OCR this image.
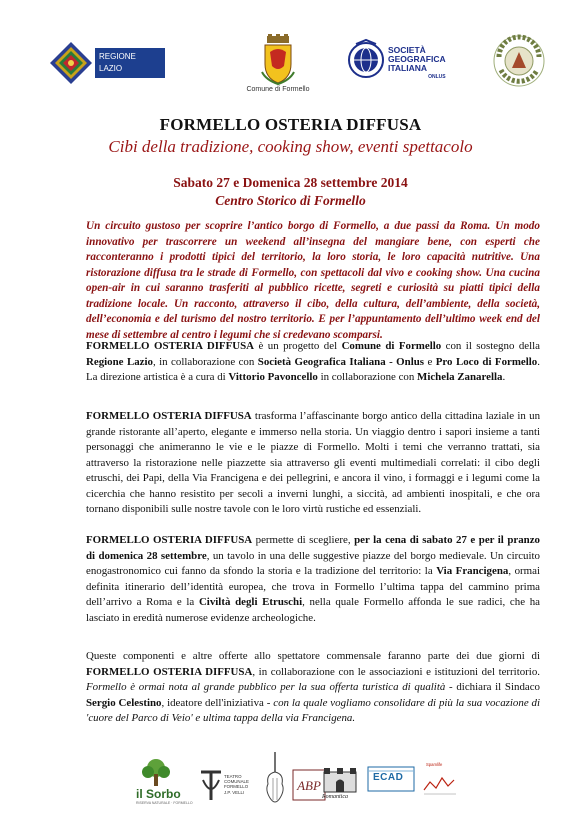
REGIONE
LAZIO
Comune di Formello
SOCIETÀ
GEOGRAFICA
ITALIANA
ONLUS
FORMELLO OSTERIA DIFFUSA
Cibi della tradizione, cooking show, eventi spettacolo
Sabato 27 e Domenica 28 settembre 2014
Centro Storico di Formello
Un circuito gustoso per scoprire l’antico borgo di Formello, a due passi da Roma. Un modo innovativo per trascorrere un weekend all’insegna del mangiare bene, con esperti che racconteranno i prodotti tipici del territorio, la loro storia, le loro capacità nutritive. Una ristorazione diffusa tra le strade di Formello, con spettacoli dal vivo e cooking show. Una cucina open-air in cui saranno trasferiti al pubblico ricette, segreti e curiosità su piatti tipici della tradizione locale. Un racconto, attraverso il cibo, della cultura, dell’ambiente, della società, dell’economia e del turismo del nostro territorio. E per l’appuntamento dell’ultimo week end del mese di settembre al centro i legumi che si credevano scomparsi.
FORMELLO OSTERIA DIFFUSA è un progetto del Comune di Formello con il sostegno della Regione Lazio, in collaborazione con Società Geografica Italiana - Onlus e Pro Loco di Formello. La direzione artistica è a cura di Vittorio Pavoncello in collaborazione con Michela Zanarella.
FORMELLO OSTERIA DIFFUSA trasforma l’affascinante borgo antico della cittadina laziale in un grande ristorante all’aperto, elegante e immerso nella storia. Un viaggio dentro i sapori insieme a tanti personaggi che animeranno le vie e le piazze di Formello. Molti i temi che verranno trattati, sia attraverso la ristorazione nelle piazzette sia attraverso gli eventi multimediali correlati: il cibo degli etruschi, dei Papi, della Via Francigena e dei pellegrini, e ancora il vino, i formaggi e i legumi come la cicerchia che hanno resistito per secoli a inverni lunghi, a siccità, ad ambienti inospitali, e che ora tornano disponibili sulle nostre tavole con le loro virtù rustiche ed essenziali.
FORMELLO OSTERIA DIFFUSA permette di scegliere, per la cena di sabato 27 e per il pranzo di domenica 28 settembre, un tavolo in una delle suggestive piazze del borgo medievale. Un circuito enogastronomico cui fanno da sfondo la storia e la tradizione del territorio: la Via Francigena, ormai definita itinerario dell’identità europea, che trova in Formello l’ultima tappa del cammino prima dell’arrivo a Roma e la Civiltà degli Etruschi, nella quale Formello affonda le sue radici, che ha lasciato in eredità numerose evidenze archeologiche.
Queste componenti e altre offerte allo spettatore commensale faranno parte dei due giorni di FORMELLO OSTERIA DIFFUSA, in collaborazione con le associazioni e istituzioni del territorio. Formello è ormai nota al grande pubblico per la sua offerta turistica di qualità - dichiara il Sindaco Sergio Celestino, ideatore dell'iniziativa - con la quale vogliamo consolidare di più la sua vocazione di 'cuore del Parco di Veio' e ultima tappa della via Francigena.
il Sorbo
RISERVA NATURALE · FORMELLO
TEATRO
COMUNALE
FORMELLO
J.P. VELLI	ABP
Romantica
ECAD
Spamlife
